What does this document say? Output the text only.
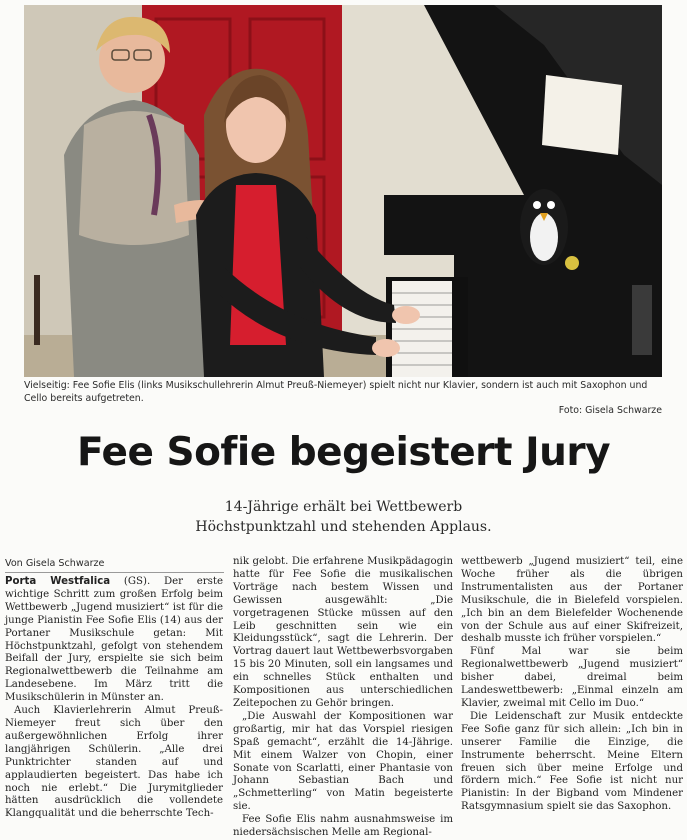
Vielseitig: Fee Sofie Elis (links Musikschullehrerin Almut Preuß-Niemeyer) spielt nicht nur Klavier, sondern ist auch mit Saxophon und Cello bereits aufgetreten.
Foto: Gisela Schwarze
Fee Sofie begeistert Jury
14-Jährige erhält bei Wettbewerb
Höchstpunktzahl und stehenden Applaus.
Von Gisela Schwarze

Porta Westfalica (GS). Der erste wichtige Schritt zum großen Erfolg beim Wettbewerb „Jugend musiziert“ ist für die junge Pianistin Fee Sofie Elis (14) aus der Portaner Musikschule getan: Mit Höchstpunktzahl, gefolgt von stehendem Beifall der Jury, erspielte sie sich beim Regionalwettbewerb die Teilnahme am Landesebene. Im März tritt die Musikschülerin in Münster an.

Auch Klavierlehrerin Almut Preuß-Niemeyer freut sich über den außergewöhnlichen Erfolg ihrer langjährigen Schülerin. „Alle drei Punktrichter standen auf und applaudierten begeistert. Das habe ich noch nie erlebt.“ Die Jurymitglieder hätten ausdrücklich die vollendete Klangqualität und die beherrschte Tech-

nik gelobt. Die erfahrene Musikpädagogin hatte für Fee Sofie die musikalischen Vorträge nach bestem Wissen und Gewissen ausgewählt: „Die vorgetragenen Stücke müssen auf den Leib geschnitten sein wie ein Kleidungsstück“, sagt die Lehrerin. Der Vortrag dauert laut Wettbewerbsvorgaben 15 bis 20 Minuten, soll ein langsames und ein schnelles Stück enthalten und Kompositionen aus unterschiedlichen Zeitepochen zu Gehör bringen.

„Die Auswahl der Kompositionen war großartig, mir hat das Vorspiel riesigen Spaß gemacht“, erzählt die 14-Jährige. Mit einem Walzer von Chopin, einer Sonate von Scarlatti, einer Phantasie von Johann Sebastian Bach und „Schmetterling“ von Matin begeisterte sie.

Fee Sofie Elis nahm ausnahmsweise im niedersächsischen Melle am Regional-

wettbewerb „Jugend musiziert“ teil, eine Woche früher als die übrigen Instrumentalisten aus der Portaner Musikschule, die in Bielefeld vorspielen. „Ich bin an dem Bielefelder Wochenende von der Schule aus auf einer Skifreizeit, deshalb musste ich früher vorspielen.“

Fünf Mal war sie beim Regionalwettbewerb „Jugend musiziert“ bisher dabei, dreimal beim Landeswettbewerb: „Einmal einzeln am Klavier, zweimal mit Cello im Duo.“

Die Leidenschaft zur Musik entdeckte Fee Sofie ganz für sich allein: „Ich bin in unserer Familie die Einzige, die Instrumente beherrscht. Meine Eltern freuen sich über meine Erfolge und fördern mich.“ Fee Sofie ist nicht nur Pianistin: In der Bigband vom Mindener Ratsgymnasium spielt sie das Saxophon.
